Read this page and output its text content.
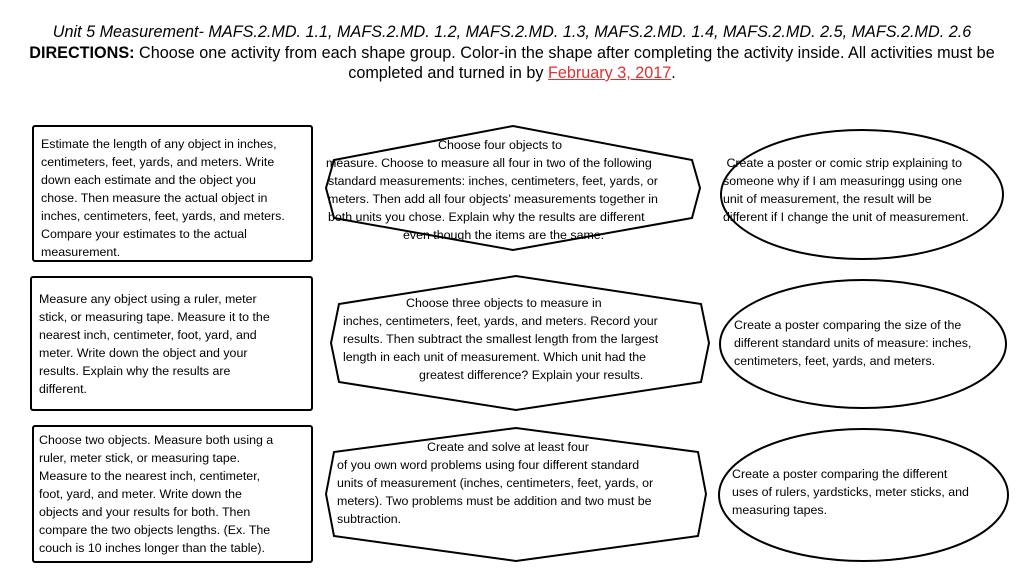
Unit 5 Measurement- MAFS.2.MD. 1.1, MAFS.2.MD. 1.2, MAFS.2.MD. 1.3, MAFS.2.MD. 1.4, MAFS.2.MD. 2.5, MAFS.2.MD. 2.6
DIRECTIONS: Choose one activity from each shape group. Color-in the shape after completing the activity inside. All activities must be completed and turned in by February 3, 2017.
Estimate the length of any object in inches,
centimeters, feet, yards, and meters. Write
down each estimate and the object you
chose. Then measure the actual object in
inches, centimeters, feet, yards, and meters.
Compare your estimates to the actual
measurement.
Measure any object using a ruler, meter
stick, or measuring tape. Measure it to the
nearest inch, centimeter, foot, yard, and
meter. Write down the object and your
results. Explain why the results are
different.
Choose two objects. Measure both using a
ruler, meter stick, or measuring tape.
Measure to the nearest inch, centimeter,
foot, yard, and meter. Write down the
objects and your results for both. Then
compare the two objects lengths. (Ex. The
couch is 10 inches longer than the table).
Choose four objects to
measure. Choose to measure all four in two of the following
standard measurements: inches, centimeters, feet, yards, or
meters. Then add all four objects’ measurements together in
both units you chose. Explain why the results are different
even though the items are the same.
Choose three objects to measure in
inches, centimeters, feet, yards, and meters. Record your
results. Then subtract the smallest length from the largest
length in each unit of measurement. Which unit had the
greatest difference? Explain your results.
Create and solve at least four
of you own word problems using four different standard
units of measurement (inches, centimeters, feet, yards, or
meters). Two problems must be addition and two must be
subtraction.
Create a poster or comic strip explaining to
someone why if I am measuringg using one
unit of measurement, the result will be
different if I change the unit of measurement.
Create a poster comparing the size of the
different standard units of measure: inches,
centimeters, feet, yards, and meters.
Create a poster comparing the different
uses of rulers, yardsticks, meter sticks, and
measuring tapes.
